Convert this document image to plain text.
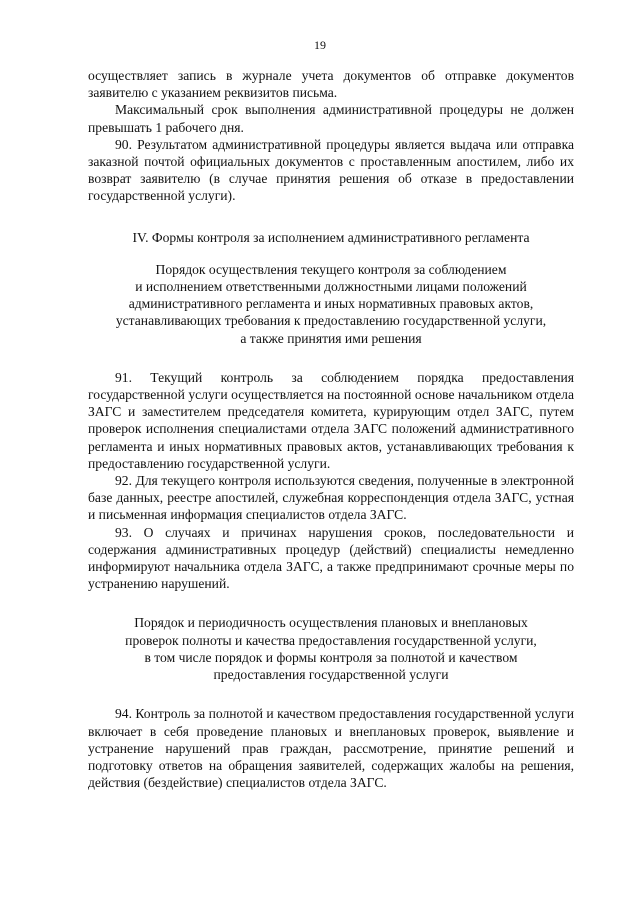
19

осуществляет запись в журнале учета документов об отправке документов заявителю с указанием реквизитов письма.

Максимальный срок выполнения административной процедуры не должен превышать 1 рабочего дня.

90. Результатом административной процедуры является выдача или отправка заказной почтой официальных документов с проставленным апостилем, либо их возврат заявителю (в случае принятия решения об отказе в предоставлении государственной услуги).

IV. Формы контроля за исполнением административного регламента

Порядок осуществления текущего контроля за соблюдением

и исполнением ответственными должностными лицами положений

административного регламента и иных нормативных правовых актов,

устанавливающих требования к предоставлению государственной услуги,

а также принятия ими решения

91. Текущий контроль за соблюдением порядка предоставления государственной услуги осуществляется на постоянной основе начальником отдела ЗАГС и заместителем председателя комитета, курирующим отдел ЗАГС, путем проверок исполнения специалистами отдела ЗАГС положений административного регламента и иных нормативных правовых актов, устанавливающих требования к предоставлению государственной услуги.

92. Для текущего контроля используются сведения, полученные в электронной базе данных, реестре апостилей, служебная корреспонденция отдела ЗАГС, устная и письменная информация специалистов отдела ЗАГС.

93. О случаях и причинах нарушения сроков, последовательности и содержания административных процедур (действий) специалисты немедленно информируют начальника отдела ЗАГС, а также предпринимают срочные меры по устранению нарушений.

Порядок и периодичность осуществления плановых и внеплановых

проверок полноты и качества предоставления государственной услуги,

в том числе порядок и формы контроля за полнотой и качеством

предоставления государственной услуги

94. Контроль за полнотой и качеством предоставления государственной услуги включает в себя проведение плановых и внеплановых проверок, выявление и устранение нарушений прав граждан, рассмотрение, принятие решений и подготовку ответов на обращения заявителей, содержащих жалобы на решения, действия (бездействие) специалистов отдела ЗАГС.
